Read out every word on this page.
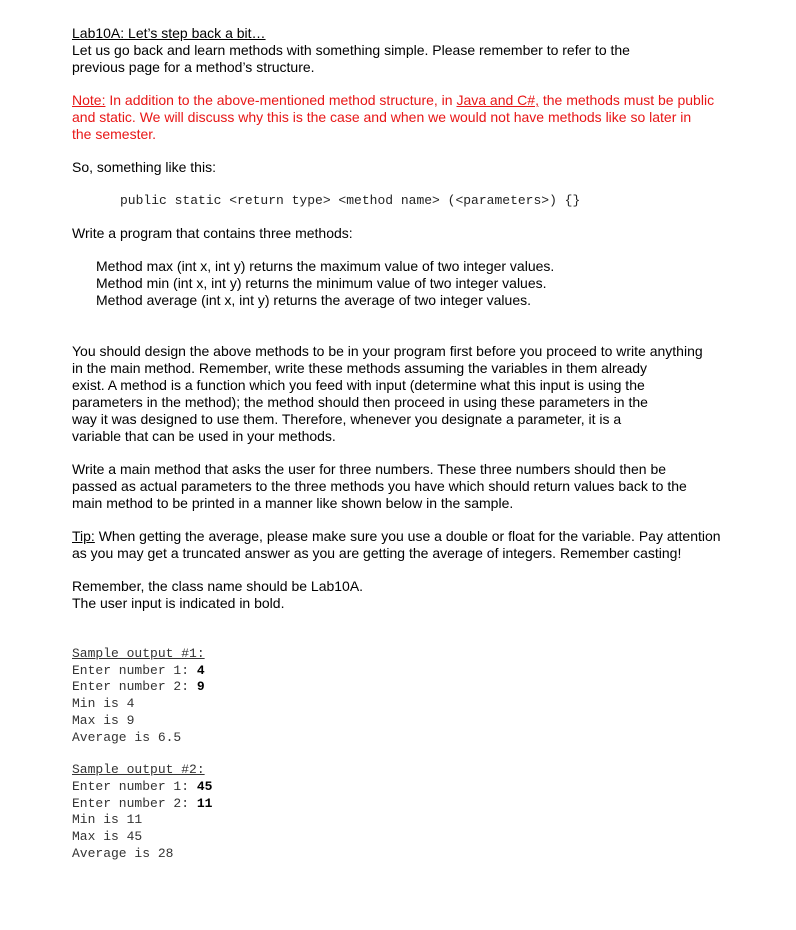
Lab10A: Let’s step back a bit…

Let us go back and learn methods with something simple. Please remember to refer to the

previous page for a method’s structure.

Note: In addition to the above-mentioned method structure, in Java and C#, the methods must be public

and static. We will discuss why this is the case and when we would not have methods like so later in

the semester.

So, something like this:

public static <return type> <method name> (<parameters>) {}

Write a program that contains three methods:

Method max (int x, int y) returns the maximum value of two integer values.

Method min (int x, int y) returns the minimum value of two integer values.

Method average (int x, int y) returns the average of two integer values.

You should design the above methods to be in your program first before you proceed to write anything

in the main method. Remember, write these methods assuming the variables in them already

exist. A method is a function which you feed with input (determine what this input is using the

parameters in the method); the method should then proceed in using these parameters in the

way it was designed to use them. Therefore, whenever you designate a parameter, it is a

variable that can be used in your methods.

Write a main method that asks the user for three numbers. These three numbers should then be

passed as actual parameters to the three methods you have which should return values back to the

main method to be printed in a manner like shown below in the sample.

Tip: When getting the average, please make sure you use a double or float for the variable. Pay attention

as you may get a truncated answer as you are getting the average of integers. Remember casting!

Remember, the class name should be Lab10A.

The user input is indicated in bold.

Sample output #1:
Enter number 1: 4
Enter number 2: 9
Min is 4
Max is 9
Average is 6.5
Sample output #2:
Enter number 1: 45
Enter number 2: 11
Min is 11
Max is 45
Average is 28
